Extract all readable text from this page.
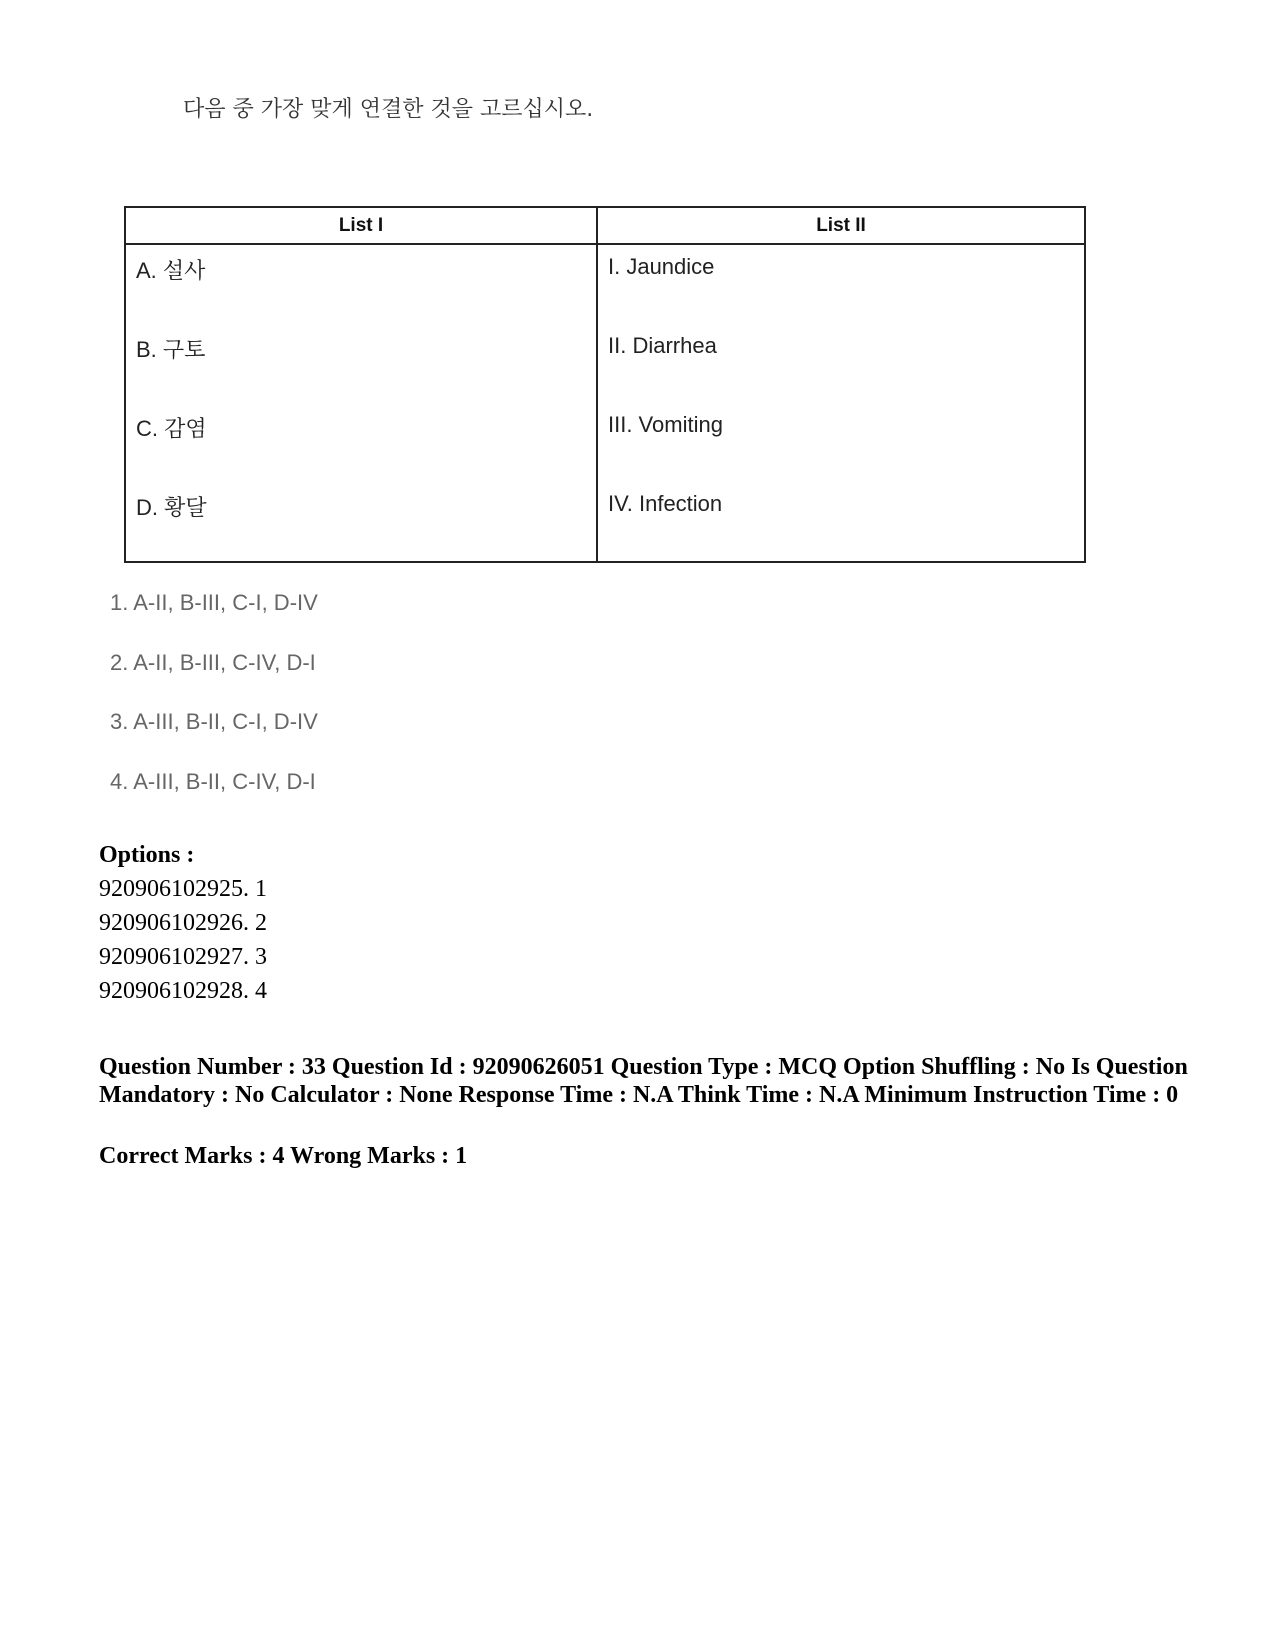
다음 중 가장 맞게 연결한 것을 고르십시오.
List I	List II

A. 설사	I. Jaundice

B. 구토	II. Diarrhea

C. 감염	III. Vomiting

D. 황달	IV. Infection
1. A-II, B-III, C-I, D-IV
2. A-II, B-III, C-IV, D-I
3. A-III, B-II, C-I, D-IV
4. A-III, B-II, C-IV, D-I
Options :
920906102925. 1
920906102926. 2
920906102927. 3
920906102928. 4
Question Number : 33 Question Id : 92090626051 Question Type : MCQ Option Shuffling : No Is Question Mandatory : No Calculator : None Response Time : N.A Think Time : N.A Minimum Instruction Time : 0
Correct Marks : 4 Wrong Marks : 1
